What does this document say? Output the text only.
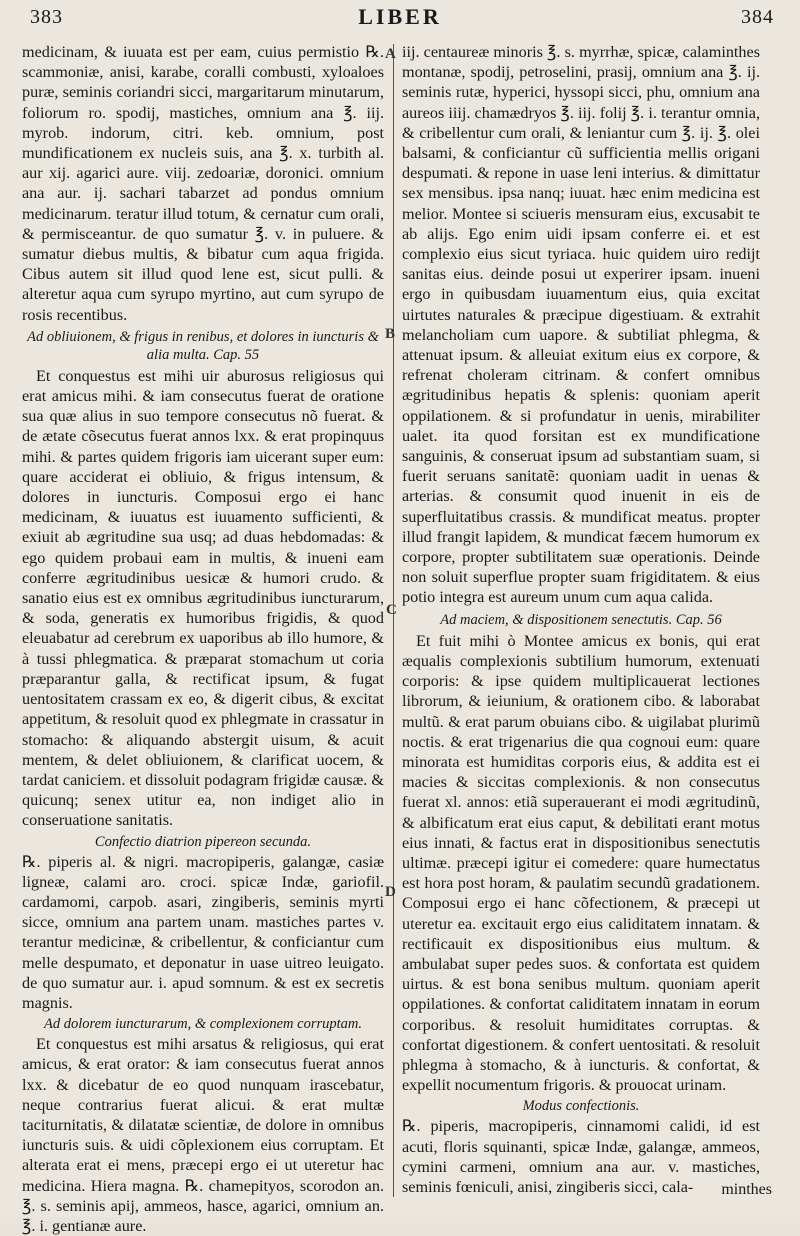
383	LIBER	384

medicinam, & iuuata est per eam, cuius permistio ℞. scammoniæ, anisi, karabe, coralli combusti, xyloaloes puræ, seminis coriandri sicci, margaritarum minutarum, foliorum ro. spodij, mastiches, omnium ana ℥. iij. myrob. indorum, citri. keb. omnium, post mundificationem ex nucleis suis, ana ℥. x. turbith al. aur xij. agarici aure. viij. zedoariæ, doronici. omnium ana aur. ij. sachari tabarzet ad pondus omnium medicinarum. teratur illud totum, & cernatur cum orali, & permisceantur. de quo sumatur ℥. v. in puluere. & sumatur diebus multis, & bibatur cum aqua frigida. Cibus autem sit illud quod lene est, sicut pulli. & alteretur aqua cum syrupo myrtino, aut cum syrupo de rosis recentibus.

Ad obliuionem, & frigus in renibus, et dolores in iuncturis & alia multa. Cap. 55

Et conquestus est mihi uir aburosus religiosus qui erat amicus mihi. & iam consecutus fuerat de oratione sua quæ alius in suo tempore consecutus nõ fuerat. & de ætate cõsecutus fuerat annos lxx. & erat propinquus mihi. & partes quidem frigoris iam uicerant super eum: quare acciderat ei obliuio, & frigus intensum, & dolores in iuncturis. Composui ergo ei hanc medicinam, & iuuatus est iuuamento sufficienti, & exiuit ab ægritudine sua usq; ad duas hebdomadas: & ego quidem probaui eam in multis, & inueni eam conferre ægritudinibus uesicæ & humori crudo. & sanatio eius est ex omnibus ægritudinibus iuncturarum, & soda, generatis ex humoribus frigidis, & quod eleuabatur ad cerebrum ex uaporibus ab illo humore, & à tussi phlegmatica. & præparat stomachum ut coria præparantur galla, & rectificat ipsum, & fugat uentositatem crassam ex eo, & digerit cibus, & excitat appetitum, & resoluit quod ex phlegmate in crassatur in stomacho: & aliquando abstergit uisum, & acuit mentem, & delet obliuionem, & clarificat uocem, & tardat caniciem. et dissoluit podagram frigidæ causæ. & quicunq; senex utitur ea, non indiget alio in conseruatione sanitatis.

Confectio diatrion pipereon secunda.

℞. piperis al. & nigri. macropiperis, galangæ, casiæ ligneæ, calami aro. croci. spicæ Indæ, gariofil. cardamomi, carpob. asari, zingiberis, seminis myrti sicce, omnium ana partem unam. mastiches partes v. terantur medicinæ, & cribellentur, & conficiantur cum melle despumato, et deponatur in uase uitreo leuigato. de quo sumatur aur. i. apud somnum. & est ex secretis magnis.

Ad dolorem iuncturarum, & complexionem corruptam.

Et conquestus est mihi arsatus & religiosus, qui erat amicus, & erat orator: & iam consecutus fuerat annos lxx. & dicebatur de eo quod nunquam irascebatur, neque contrarius fuerat alicui. & erat multæ taciturnitatis, & dilatatæ scientiæ, de dolore in omnibus iuncturis suis. & uidi cõplexionem eius corruptam. Et alterata erat ei mens, præcepi ergo ei ut uteretur hac medicina. Hiera magna. ℞. chamepityos, scorodon an. ℥. s. seminis apij, ammeos, hasce, agarici, omnium an. ℥. i. gentianæ aure.

A
B
C
D

iij. centaureæ minoris ℥. s. myrrhæ, spicæ, calaminthes montanæ, spodij, petroselini, prasij, omnium ana ℥. ij. seminis rutæ, hyperici, hyssopi sicci, phu, omnium ana aureos iiij. chamædryos ℥. iij. folij ℥. i. terantur omnia, & cribellentur cum orali, & leniantur cum ℥. ij. ℥. olei balsami, & conficiantur cũ sufficientia mellis origani despumati. & repone in uase leni interius. & dimittatur sex mensibus. ipsa nanq; iuuat. hæc enim medicina est melior. Montee si sciueris mensuram eius, excusabit te ab alijs. Ego enim uidi ipsam conferre ei. et est complexio eius sicut tyriaca. huic quidem uiro redijt sanitas eius. deinde posui ut experirer ipsam. inueni ergo in quibusdam iuuamentum eius, quia excitat uirtutes naturales & præcipue digestiuam. & extrahit melancholiam cum uapore. & subtiliat phlegma, & attenuat ipsum. & alleuiat exitum eius ex corpore, & refrenat choleram citrinam. & confert omnibus ægritudinibus hepatis & splenis: quoniam aperit oppilationem. & si profundatur in uenis, mirabiliter ualet. ita quod forsitan est ex mundificatione sanguinis, & conseruat ipsum ad substantiam suam, si fuerit seruans sanitatẽ: quoniam uadit in uenas & arterias. & consumit quod inuenit in eis de superfluitatibus crassis. & mundificat meatus. propter illud frangit lapidem, & mundicat fæcem humorum ex corpore, propter subtilitatem suæ operationis. Deinde non soluit superflue propter suam frigiditatem. & eius potio integra est aureum unum cum aqua calida.

Ad maciem, & dispositionem senectutis. Cap. 56

Et fuit mihi ò Montee amicus ex bonis, qui erat æqualis complexionis subtilium humorum, extenuati corporis: & ipse quidem multiplicauerat lectiones librorum, & ieiunium, & orationem cibo. & laborabat multũ. & erat parum obuians cibo. & uigilabat plurimũ noctis. & erat trigenarius die qua cognoui eum: quare minorata est humiditas corporis eius, & addita est ei macies & siccitas complexionis. & non consecutus fuerat xl. annos: etiã superauerant ei modi ægritudinũ, & albificatum erat eius caput, & debilitati erant motus eius innati, & factus erat in dispositionibus senectutis ultimæ. præcepi igitur ei comedere: quare humectatus est hora post horam, & paulatim secundũ gradationem. Composui ergo ei hanc cõfectionem, & præcepi ut uteretur ea. excitauit ergo eius caliditatem innatam. & rectificauit ex dispositionibus eius multum. & ambulabat super pedes suos. & confortata est quidem uirtus. & est bona senibus multum. quoniam aperit oppilationes. & confortat caliditatem innatam in eorum corporibus. & resoluit humiditates corruptas. & confortat digestionem. & confert uentositati. & resoluit phlegma à stomacho, & à iuncturis. & confortat, & expellit nocumentum frigoris. & prouocat urinam.

Modus confectionis.

℞. piperis, macropiperis, cinnamomi calidi, id est acuti, floris squinanti, spicæ Indæ, galangæ, ammeos, cymini carmeni, omnium ana aur. v. mastiches, seminis fœniculi, anisi, zingiberis sicci, cala-	minthes
